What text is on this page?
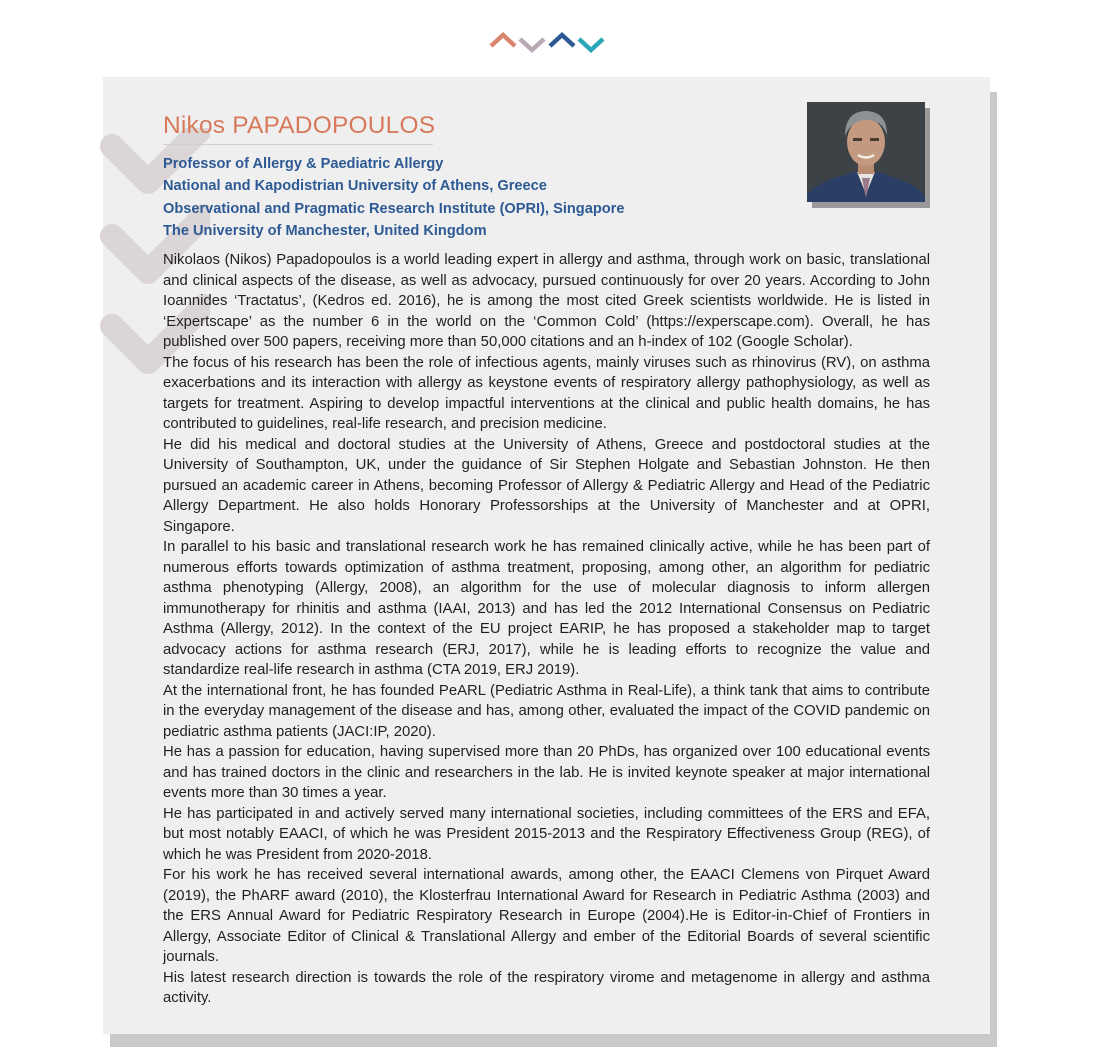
Nikos PAPADOPOULOS
Professor of Allergy & Paediatric Allergy
National and Kapodistrian University of Athens, Greece
Observational and Pragmatic Research Institute (OPRI), Singapore
The University of Manchester, United Kingdom

Nikolaos (Nikos) Papadopoulos is a world leading expert in allergy and asthma, through work on basic, translational and clinical aspects of the disease, as well as advocacy, pursued continuously for over 20 years. According to John Ioannides ‘Tractatus’, (Kedros ed. 2016), he is among the most cited Greek scientists worldwide. He is listed in ‘Expertscape’ as the number 6 in the world on the ‘Common Cold’ (https://experscape.com). Overall, he has published over 500 papers, receiving more than 50,000 citations and an h-index of 102 (Google Scholar).

The focus of his research has been the role of infectious agents, mainly viruses such as rhinovirus (RV), on asthma exacerbations and its interaction with allergy as keystone events of respiratory allergy pathophysiology, as well as targets for treatment. Aspiring to develop impactful interventions at the clinical and public health domains, he has contributed to guidelines, real-life research, and precision medicine.

He did his medical and doctoral studies at the University of Athens, Greece and postdoctoral studies at the University of Southampton, UK, under the guidance of Sir Stephen Holgate and Sebastian Johnston. He then pursued an academic career in Athens, becoming Professor of Allergy & Pediatric Allergy and Head of the Pediatric Allergy Department. He also holds Honorary Professorships at the University of Manchester and at OPRI, Singapore.

In parallel to his basic and translational research work he has remained clinically active, while he has been part of numerous efforts towards optimization of asthma treatment, proposing, among other, an algorithm for pediatric asthma phenotyping (Allergy, 2008), an algorithm for the use of molecular diagnosis to inform allergen immunotherapy for rhinitis and asthma (IAAI, 2013) and has led the 2012 International Consensus on Pediatric Asthma (Allergy, 2012). In the context of the EU project EARIP, he has proposed a stakeholder map to target advocacy actions for asthma research (ERJ, 2017), while he is leading efforts to recognize the value and standardize real-life research in asthma (CTA 2019, ERJ 2019).

At the international front, he has founded PeARL (Pediatric Asthma in Real-Life), a think tank that aims to contribute in the everyday management of the disease and has, among other, evaluated the impact of the COVID pandemic on pediatric asthma patients (JACI:IP, 2020).

He has a passion for education, having supervised more than 20 PhDs, has organized over 100 educational events and has trained doctors in the clinic and researchers in the lab. He is invited keynote speaker at major international events more than 30 times a year.

He has participated in and actively served many international societies, including committees of the ERS and EFA, but most notably EAACI, of which he was President 2015-2013 and the Respiratory Effectiveness Group (REG), of which he was President from 2020-2018.

For his work he has received several international awards, among other, the EAACI Clemens von Pirquet Award (2019), the PhARF award (2010), the Klosterfrau International Award for Research in Pediatric Asthma (2003) and the ERS Annual Award for Pediatric Respiratory Research in Europe (2004).He is Editor-in-Chief of Frontiers in Allergy, Associate Editor of Clinical & Translational Allergy and ember of the Editorial Boards of several scientific journals.

His latest research direction is towards the role of the respiratory virome and metagenome in allergy and asthma activity.
